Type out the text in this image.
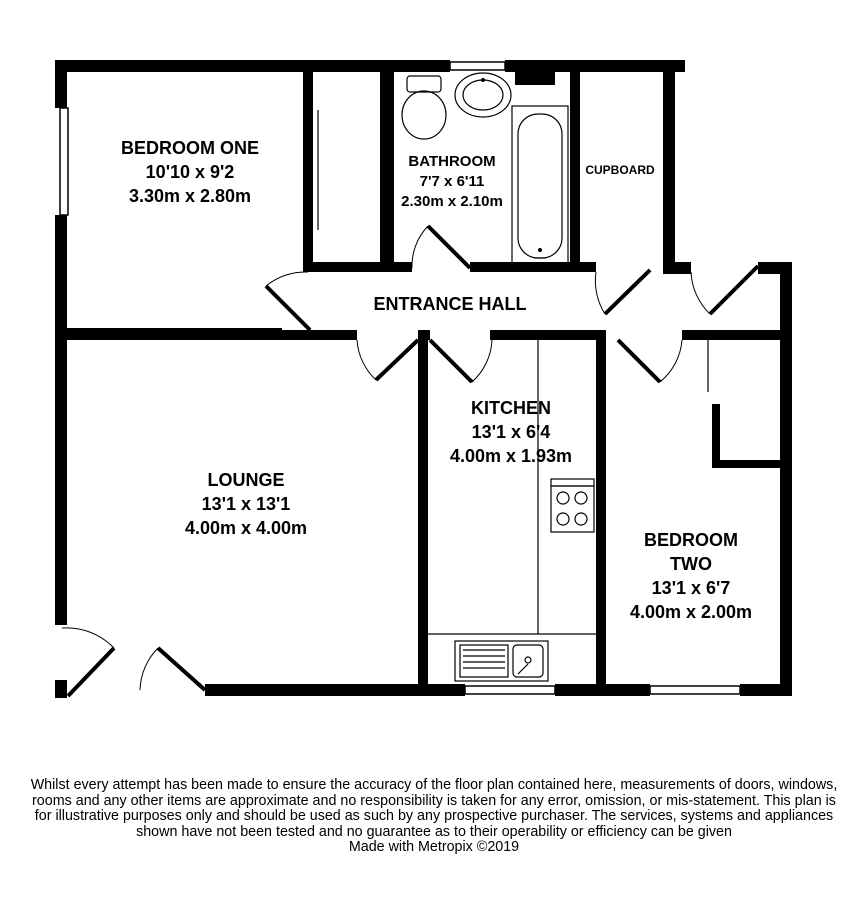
BEDROOM ONE
10'10 x 9'2
3.30m x 2.80m
BATHROOM
7'7 x 6'11
2.30m x 2.10m
CUPBOARD
ENTRANCE HALL
KITCHEN
13'1 x 6'4
4.00m x 1.93m
LOUNGE
13'1 x 13'1
4.00m x 4.00m
BEDROOM
TWO
13'1 x 6'7
4.00m x 2.00m

Whilst every attempt has been made to ensure the accuracy of the floor plan contained here, measurements of doors, windows, rooms and any other items are approximate and no responsibility is taken for any error, omission, or mis-statement. This plan is for illustrative purposes only and should be used as such by any prospective purchaser. The services, systems and appliances shown have not been tested and no guarantee as to their operability or efficiency can be given

Made with Metropix ©2019
